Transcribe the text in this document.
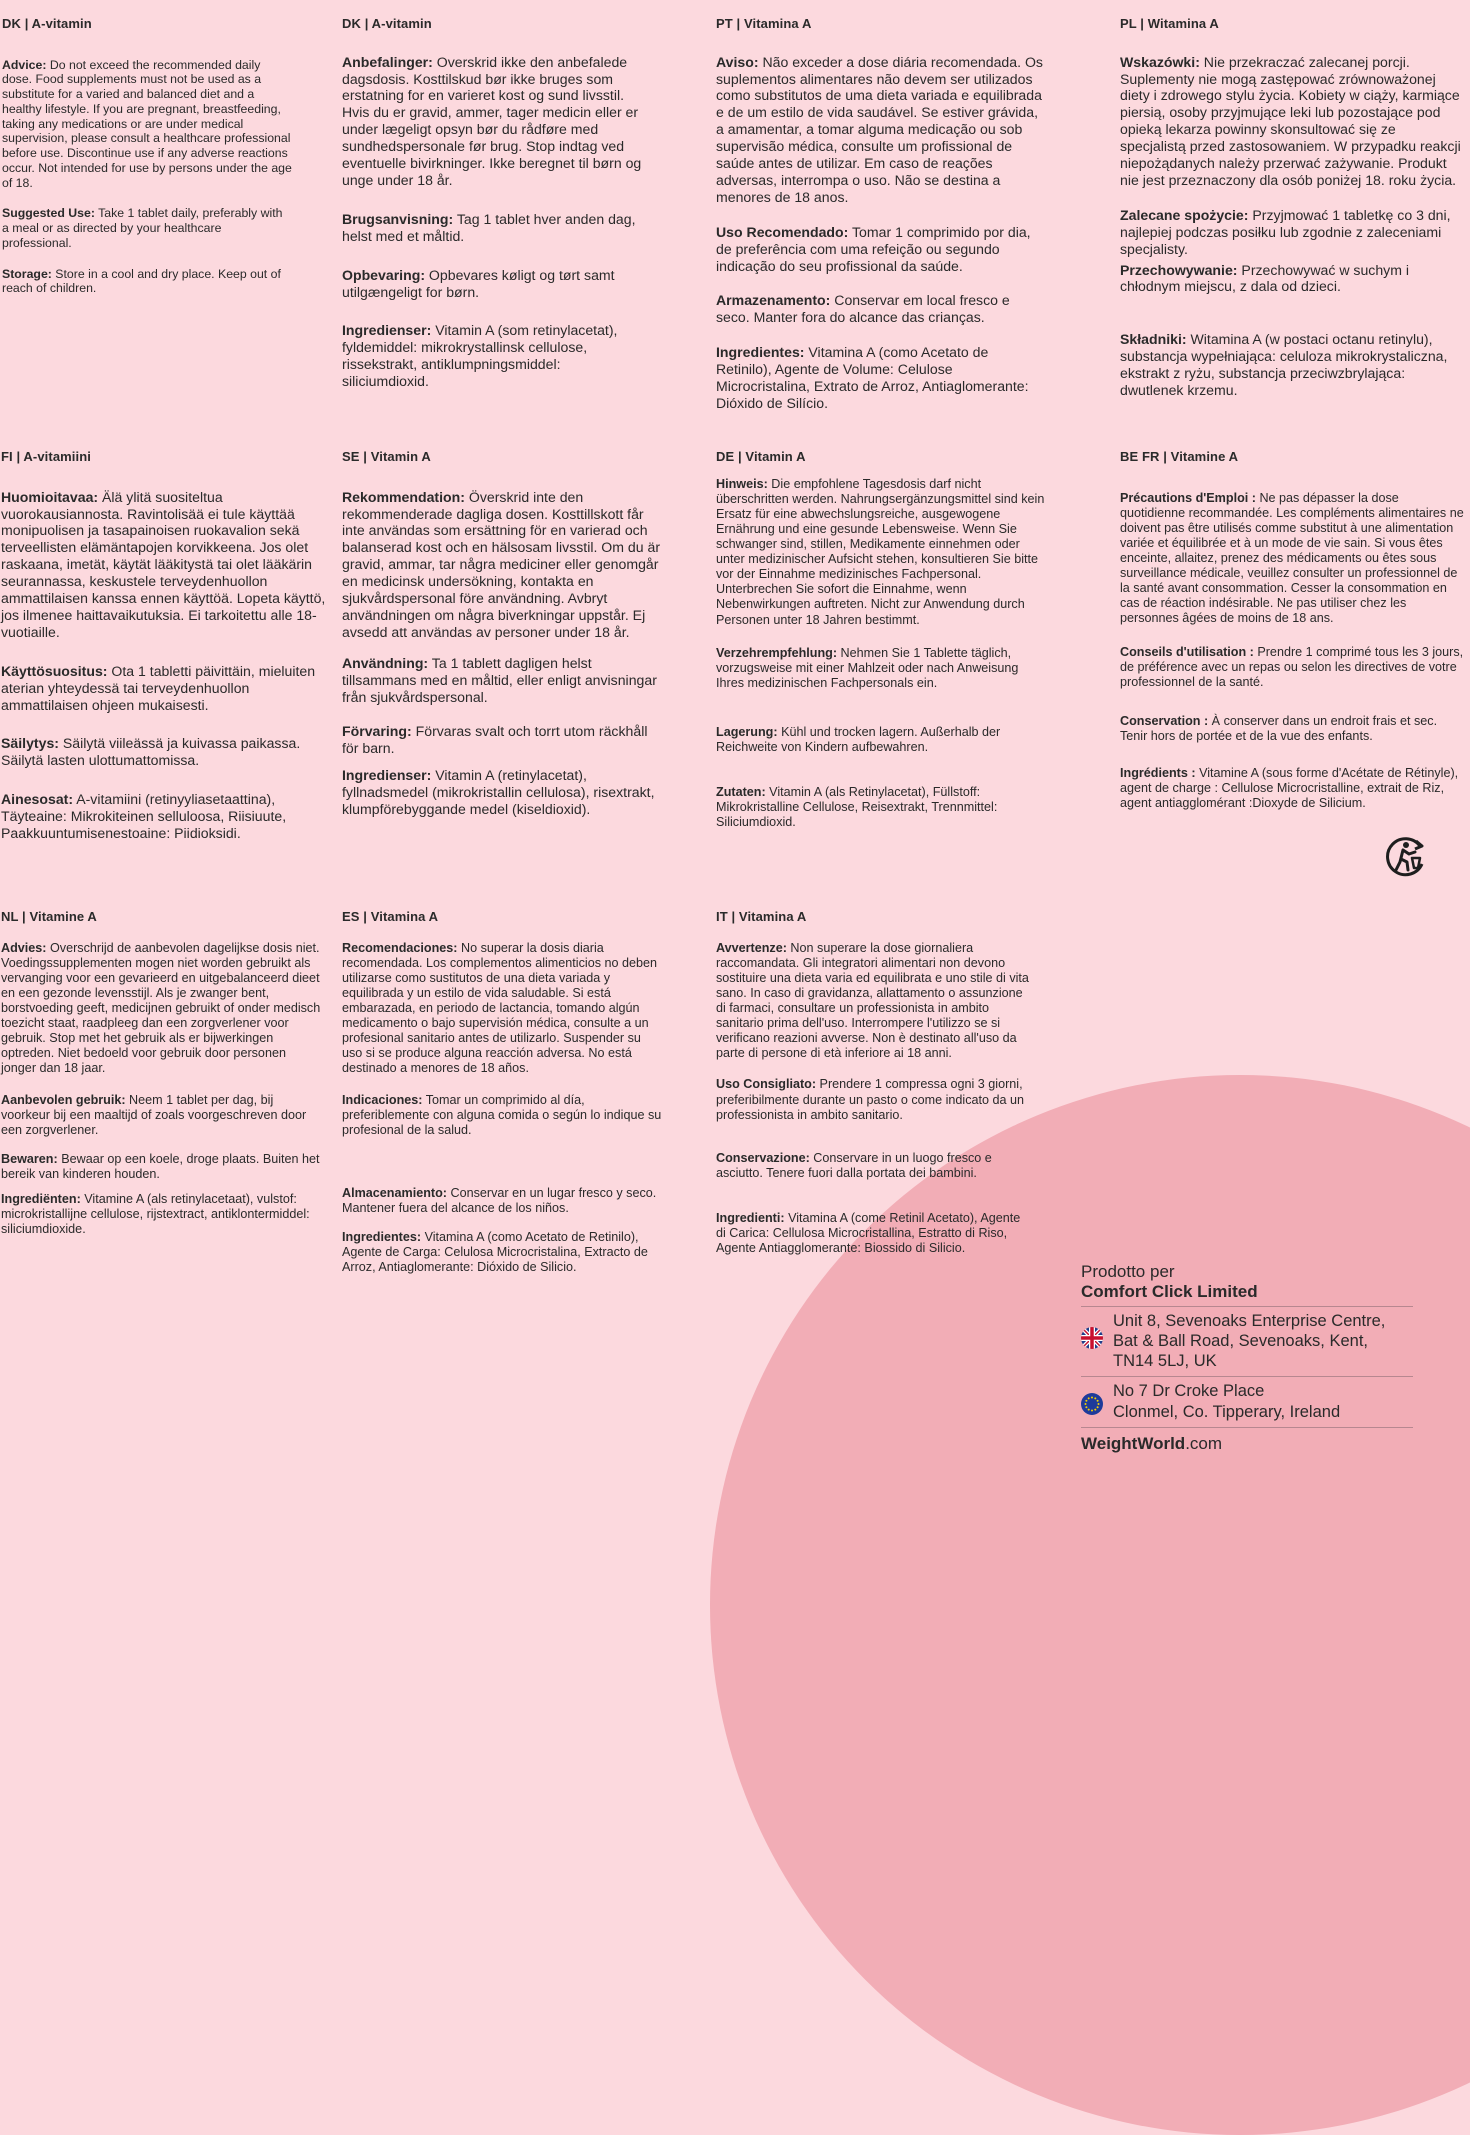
DK | A-vitamin

Advice: Do not exceed the recommended daily dose. Food supplements must not be used as a substitute for a varied and balanced diet and a healthy lifestyle. If you are pregnant, breastfeeding, taking any medications or are under medical supervision, please consult a healthcare professional before use. Discontinue use if any adverse reactions occur. Not intended for use by persons under the age of 18.

Suggested Use: Take 1 tablet daily, preferably with a meal or as directed by your healthcare professional.

Storage: Store in a cool and dry place. Keep out of reach of children.

DK | A-vitamin

Anbefalinger: Overskrid ikke den anbefalede dagsdosis. Kosttilskud bør ikke bruges som erstatning for en varieret kost og sund livsstil. Hvis du er gravid, ammer, tager medicin eller er under lægeligt opsyn bør du rådføre med sundhedspersonale før brug. Stop indtag ved eventuelle bivirkninger. Ikke beregnet til børn og unge under 18 år.

Brugsanvisning: Tag 1 tablet hver anden dag, helst med et måltid.

Opbevaring: Opbevares køligt og tørt samt utilgængeligt for børn.

Ingredienser: Vitamin A (som retinylacetat), fyldemiddel: mikrokrystallinsk cellulose, rissekstrakt, antiklumpningsmiddel: siliciumdioxid.

PT | Vitamina A

Aviso: Não exceder a dose diária recomendada. Os suplementos alimentares não devem ser utilizados como substitutos de uma dieta variada e equilibrada e de um estilo de vida saudável. Se estiver grávida, a amamentar, a tomar alguma medicação ou sob supervisão médica, consulte um profissional de saúde antes de utilizar. Em caso de reações adversas, interrompa o uso. Não se destina a menores de 18 anos.

Uso Recomendado: Tomar 1 comprimido por dia, de preferência com uma refeição ou segundo indicação do seu profissional da saúde.

Armazenamento: Conservar em local fresco e seco. Manter fora do alcance das crianças.

Ingredientes: Vitamina A (como Acetato de Retinilo), Agente de Volume: Celulose Microcristalina, Extrato de Arroz, Antiaglomerante: Dióxido de Silício.

PL | Witamina A

Wskazówki: Nie przekraczać zalecanej porcji. Suplementy nie mogą zastępować zrównoważonej diety i zdrowego stylu życia. Kobiety w ciąży, karmiące piersią, osoby przyjmujące leki lub pozostające pod opieką lekarza powinny skonsultować się ze specjalistą przed zastosowaniem. W przypadku reakcji niepożądanych należy przerwać zażywanie. Produkt nie jest przeznaczony dla osób poniżej 18. roku życia.

Zalecane spożycie: Przyjmować 1 tabletkę co 3 dni, najlepiej podczas posiłku lub zgodnie z zaleceniami specjalisty.

Przechowywanie: Przechowywać w suchym i chłodnym miejscu, z dala od dzieci.

Składniki: Witamina A (w postaci octanu retinylu), substancja wypełniająca: celuloza mikrokrystaliczna, ekstrakt z ryżu, substancja przeciwzbrylająca: dwutlenek krzemu.

FI | A-vitamiini

Huomioitavaa: Älä ylitä suositeltua vuorokausiannosta. Ravintolisää ei tule käyttää monipuolisen ja tasapainoisen ruokavalion sekä terveellisten elämäntapojen korvikkeena. Jos olet raskaana, imetät, käytät lääkitystä tai olet lääkärin seurannassa, keskustele terveydenhuollon ammattilaisen kanssa ennen käyttöä. Lopeta käyttö, jos ilmenee haittavaikutuksia. Ei tarkoitettu alle 18-vuotiaille.

Käyttösuositus: Ota 1 tabletti päivittäin, mieluiten aterian yhteydessä tai terveydenhuollon ammattilaisen ohjeen mukaisesti.

Säilytys: Säilytä viileässä ja kuivassa paikassa. Säilytä lasten ulottumattomissa.

Ainesosat: A-vitamiini (retinyyliasetaattina), Täyteaine: Mikrokiteinen selluloosa, Riisiuute, Paakkuuntumisenestoaine: Piidioksidi.

SE | Vitamin A

Rekommendation: Överskrid inte den rekommenderade dagliga dosen. Kosttillskott får inte användas som ersättning för en varierad och balanserad kost och en hälsosam livsstil. Om du är gravid, ammar, tar några mediciner eller genomgår en medicinsk undersökning, kontakta en sjukvårdspersonal före användning. Avbryt användningen om några biverkningar uppstår. Ej avsedd att användas av personer under 18 år.

Användning: Ta 1 tablett dagligen helst tillsammans med en måltid, eller enligt anvisningar från sjukvårdspersonal.

Förvaring: Förvaras svalt och torrt utom räckhåll för barn.

Ingredienser: Vitamin A (retinylacetat), fyllnadsmedel (mikrokristallin cellulosa), risextrakt, klumpförebyggande medel (kiseldioxid).

DE | Vitamin A

Hinweis: Die empfohlene Tagesdosis darf nicht überschritten werden. Nahrungsergänzungsmittel sind kein Ersatz für eine abwechslungsreiche, ausgewogene Ernährung und eine gesunde Lebensweise. Wenn Sie schwanger sind, stillen, Medikamente einnehmen oder unter medizinischer Aufsicht stehen, konsultieren Sie bitte vor der Einnahme medizinisches Fachpersonal. Unterbrechen Sie sofort die Einnahme, wenn Nebenwirkungen auftreten. Nicht zur Anwendung durch Personen unter 18 Jahren bestimmt.

Verzehrempfehlung: Nehmen Sie 1 Tablette täglich, vorzugsweise mit einer Mahlzeit oder nach Anweisung Ihres medizinischen Fachpersonals ein.

Lagerung: Kühl und trocken lagern. Außerhalb der Reichweite von Kindern aufbewahren.

Zutaten: Vitamin A (als Retinylacetat), Füllstoff: Mikrokristalline Cellulose, Reisextrakt, Trennmittel: Siliciumdioxid.

BE FR | Vitamine A

Précautions d'Emploi : Ne pas dépasser la dose quotidienne recommandée. Les compléments alimentaires ne doivent pas être utilisés comme substitut à une alimentation variée et équilibrée et à un mode de vie sain. Si vous êtes enceinte, allaitez, prenez des médicaments ou êtes sous surveillance médicale, veuillez consulter un professionnel de la santé avant consommation. Cesser la consommation en cas de réaction indésirable. Ne pas utiliser chez les personnes âgées de moins de 18 ans.

Conseils d'utilisation : Prendre 1 comprimé tous les 3 jours, de préférence avec un repas ou selon les directives de votre professionnel de la santé.

Conservation : À conserver dans un endroit frais et sec. Tenir hors de portée et de la vue des enfants.

Ingrédients : Vitamine A (sous forme d'Acétate de Rétinyle), agent de charge : Cellulose Microcristalline, extrait de Riz, agent antiagglomérant :Dioxyde de Silicium.

NL | Vitamine A

Advies: Overschrijd de aanbevolen dagelijkse dosis niet. Voedingssupplementen mogen niet worden gebruikt als vervanging voor een gevarieerd en uitgebalanceerd dieet en een gezonde levensstijl. Als je zwanger bent, borstvoeding geeft, medicijnen gebruikt of onder medisch toezicht staat, raadpleeg dan een zorgverlener voor gebruik. Stop met het gebruik als er bijwerkingen optreden. Niet bedoeld voor gebruik door personen jonger dan 18 jaar.

Aanbevolen gebruik: Neem 1 tablet per dag, bij voorkeur bij een maaltijd of zoals voorgeschreven door een zorgverlener.

Bewaren: Bewaar op een koele, droge plaats. Buiten het bereik van kinderen houden.

Ingrediënten: Vitamine A (als retinylacetaat), vulstof: microkristallijne cellulose, rijstextract, antiklontermiddel: siliciumdioxide.

ES | Vitamina A

Recomendaciones: No superar la dosis diaria recomendada. Los complementos alimenticios no deben utilizarse como sustitutos de una dieta variada y equilibrada y un estilo de vida saludable. Si está embarazada, en periodo de lactancia, tomando algún medicamento o bajo supervisión médica, consulte a un profesional sanitario antes de utilizarlo. Suspender su uso si se produce alguna reacción adversa. No está destinado a menores de 18 años.

Indicaciones: Tomar un comprimido al día, preferiblemente con alguna comida o según lo indique su profesional de la salud.

Almacenamiento: Conservar en un lugar fresco y seco. Mantener fuera del alcance de los niños.

Ingredientes: Vitamina A (como Acetato de Retinilo), Agente de Carga: Celulosa Microcristalina, Extracto de Arroz, Antiaglomerante: Dióxido de Silicio.

IT | Vitamina A

Avvertenze: Non superare la dose giornaliera raccomandata. Gli integratori alimentari non devono sostituire una dieta varia ed equilibrata e uno stile di vita sano. In caso di gravidanza, allattamento o assunzione di farmaci, consultare un professionista in ambito sanitario prima dell'uso. Interrompere l'utilizzo se si verificano reazioni avverse. Non è destinato all'uso da parte di persone di età inferiore ai 18 anni.

Uso Consigliato: Prendere 1 compressa ogni 3 giorni, preferibilmente durante un pasto o come indicato da un professionista in ambito sanitario.

Conservazione: Conservare in un luogo fresco e asciutto. Tenere fuori dalla portata dei bambini.

Ingredienti: Vitamina A (come Retinil Acetato), Agente di Carica: Cellulosa Microcristallina, Estratto di Riso, Agente Antiagglomerante: Biossido di Silicio.

Prodotto per
Comfort Click Limited
Unit 8, Sevenoaks Enterprise Centre,
Bat & Ball Road, Sevenoaks, Kent,
TN14 5LJ, UK
No 7 Dr Croke Place
Clonmel, Co. Tipperary, Ireland
WeightWorld.com
